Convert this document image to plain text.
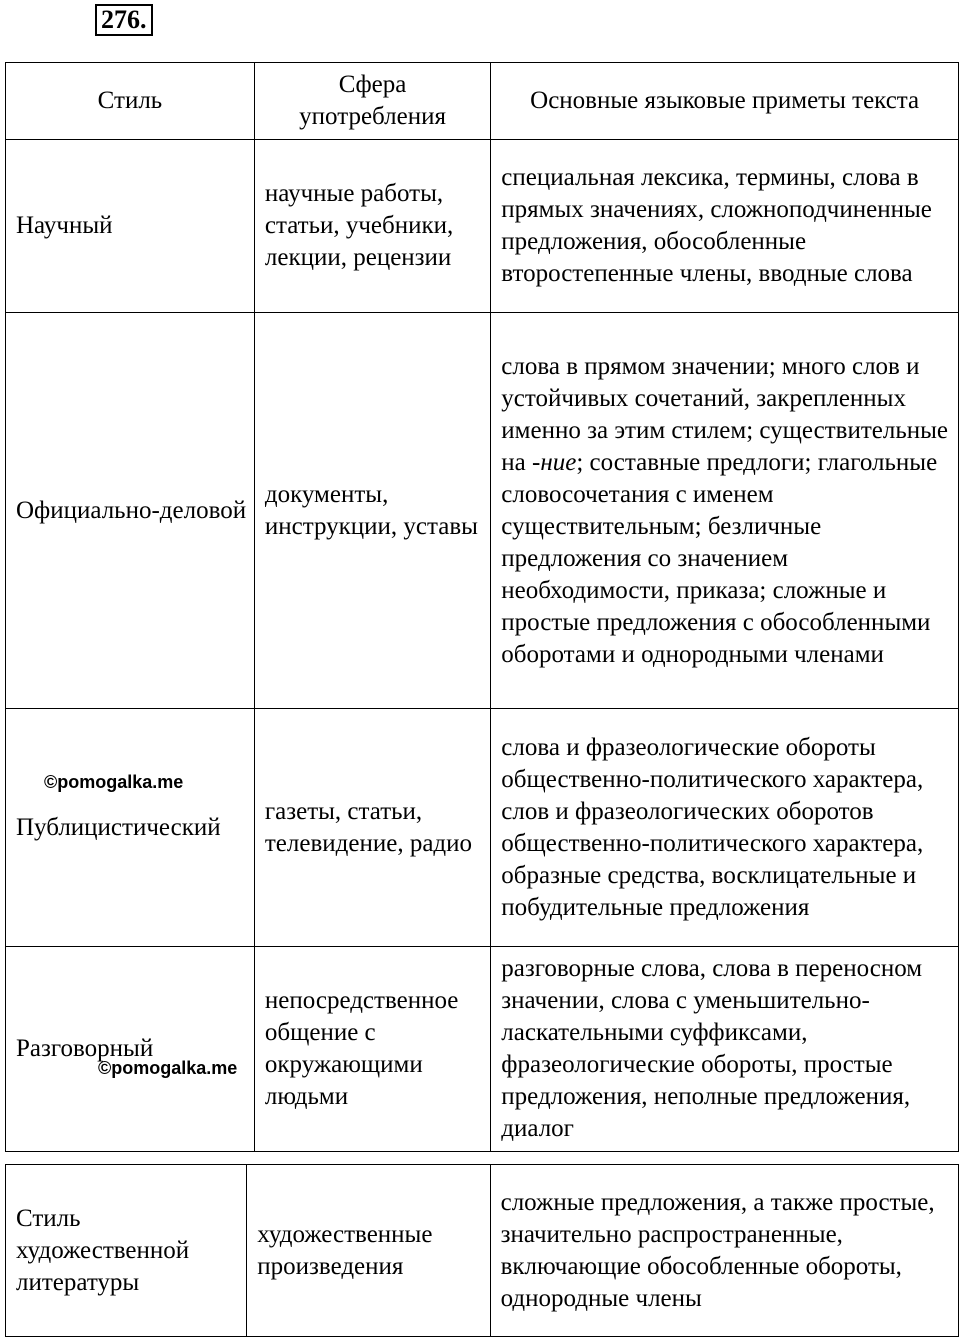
276.
Стиль	Сфера употребления	Основные языковые приметы текста
Научный	научные работы, статьи, учебники, лекции, рецензии	специальная лексика, термины, слова в прямых значениях, сложноподчиненные предложения, обособленные второстепенные члены, вводные слова
Официально-деловой	документы, инструкции, уставы	слова в прямом значении; много слов и устойчивых сочетаний, закрепленных именно за этим стилем; существительные на -ние; составные предлоги; глагольные словосочетания с именем существительным; безличные предложения со значением необходимости, приказа; сложные и простые предложения с обособленными оборотами и однородными членами
Публицистический	газеты, статьи, телевидение, радио	слова и фразеологические обороты общественно-политического характера, слов и фразеологических оборотов общественно-политического характера, образные средства, восклицательные и побудительные предложения
Разговорный	непосредственное общение с окружающими людьми	разговорные слова, слова в переносном значении, слова с уменьшительно-ласкательными суффиксами, фразеологические обороты, простые предложения, неполные предложения, диалог
Стиль художественной литературы	художественные произведения	сложные предложения, а также простые, значительно распространенные, включающие обособленные обороты, однородные члены
©pomogalka.me
©pomogalka.me
